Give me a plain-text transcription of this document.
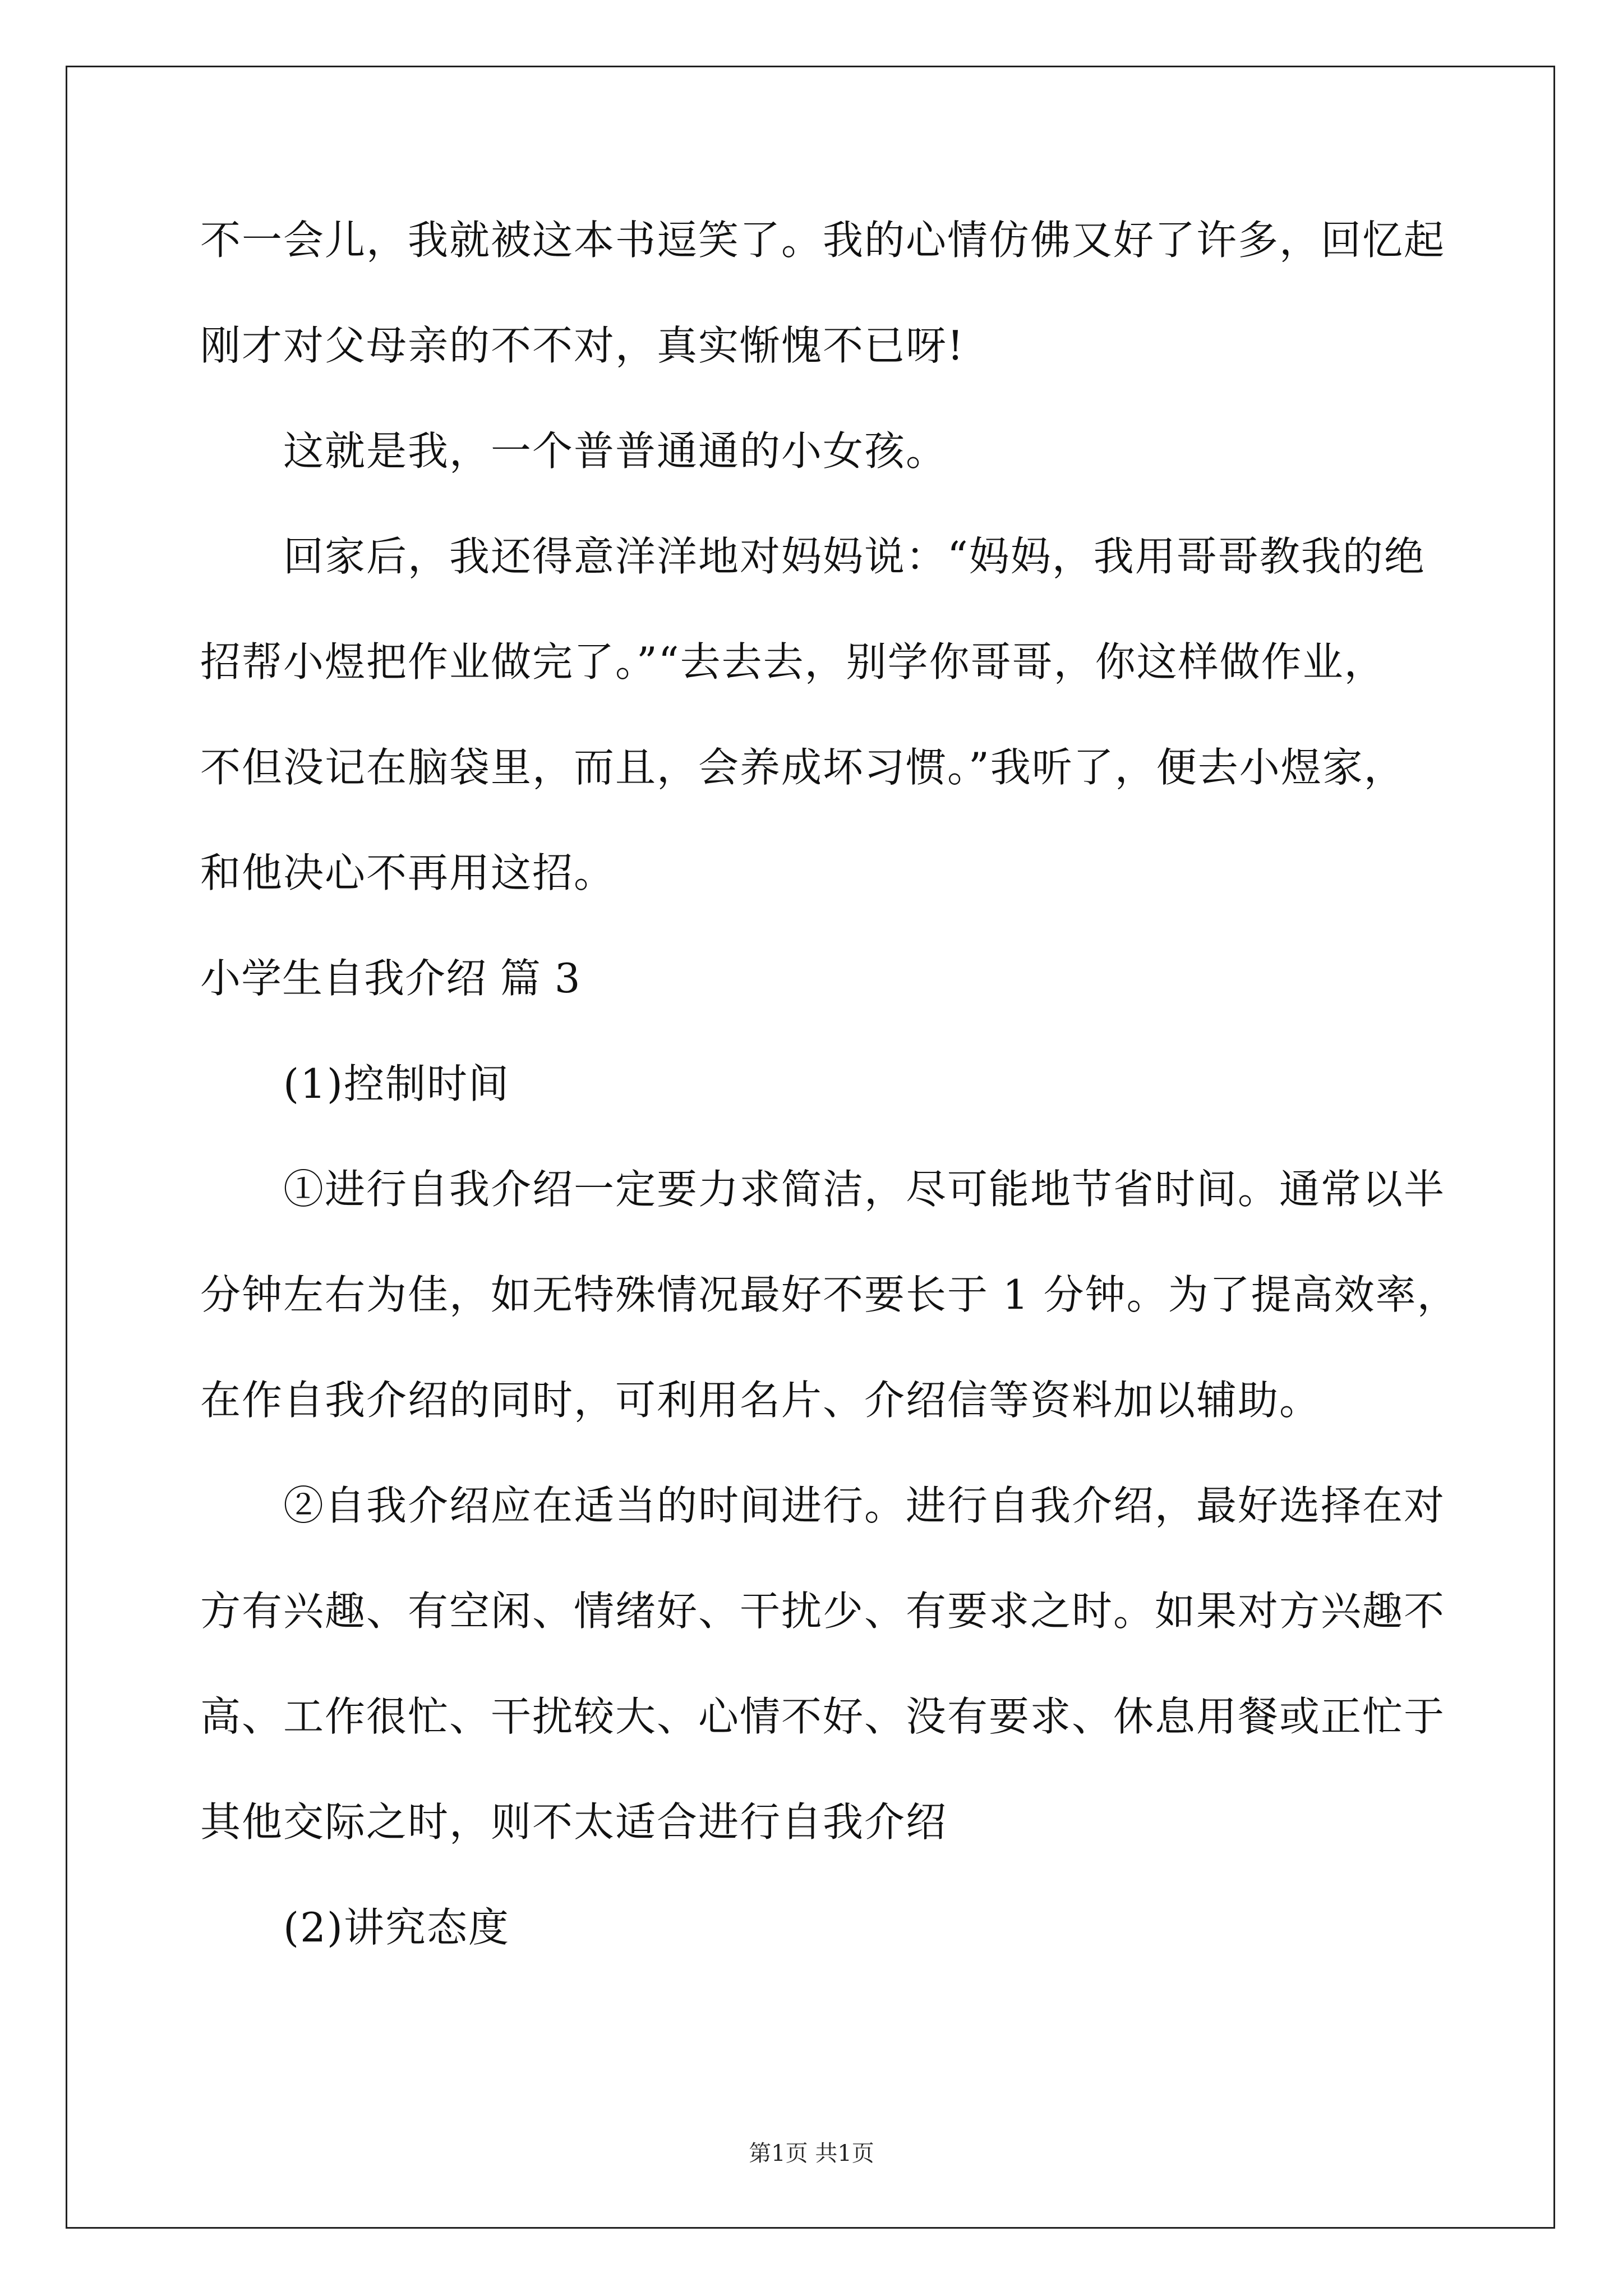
不一会儿，我就被这本书逗笑了。我的心情仿佛又好了许多，回忆起
刚才对父母亲的不不对，真实惭愧不已呀!
这就是我，一个普普通通的小女孩。
回家后，我还得意洋洋地对妈妈说：“妈妈，我用哥哥教我的绝
招帮小煜把作业做完了。”“去去去，别学你哥哥，你这样做作业，
不但没记在脑袋里，而且，会养成坏习惯。”我听了，便去小煜家，
和他决心不再用这招。
小学生自我介绍 篇 3
(1)控制时间
①进行自我介绍一定要力求简洁，尽可能地节省时间。通常以半
分钟左右为佳，如无特殊情况最好不要长于 1 分钟。为了提高效率，
在作自我介绍的同时，可利用名片、介绍信等资料加以辅助。
②自我介绍应在适当的时间进行。进行自我介绍，最好选择在对
方有兴趣、有空闲、情绪好、干扰少、有要求之时。如果对方兴趣不
高、工作很忙、干扰较大、心情不好、没有要求、休息用餐或正忙于
其他交际之时，则不太适合进行自我介绍
(2)讲究态度
第1页 共1页
